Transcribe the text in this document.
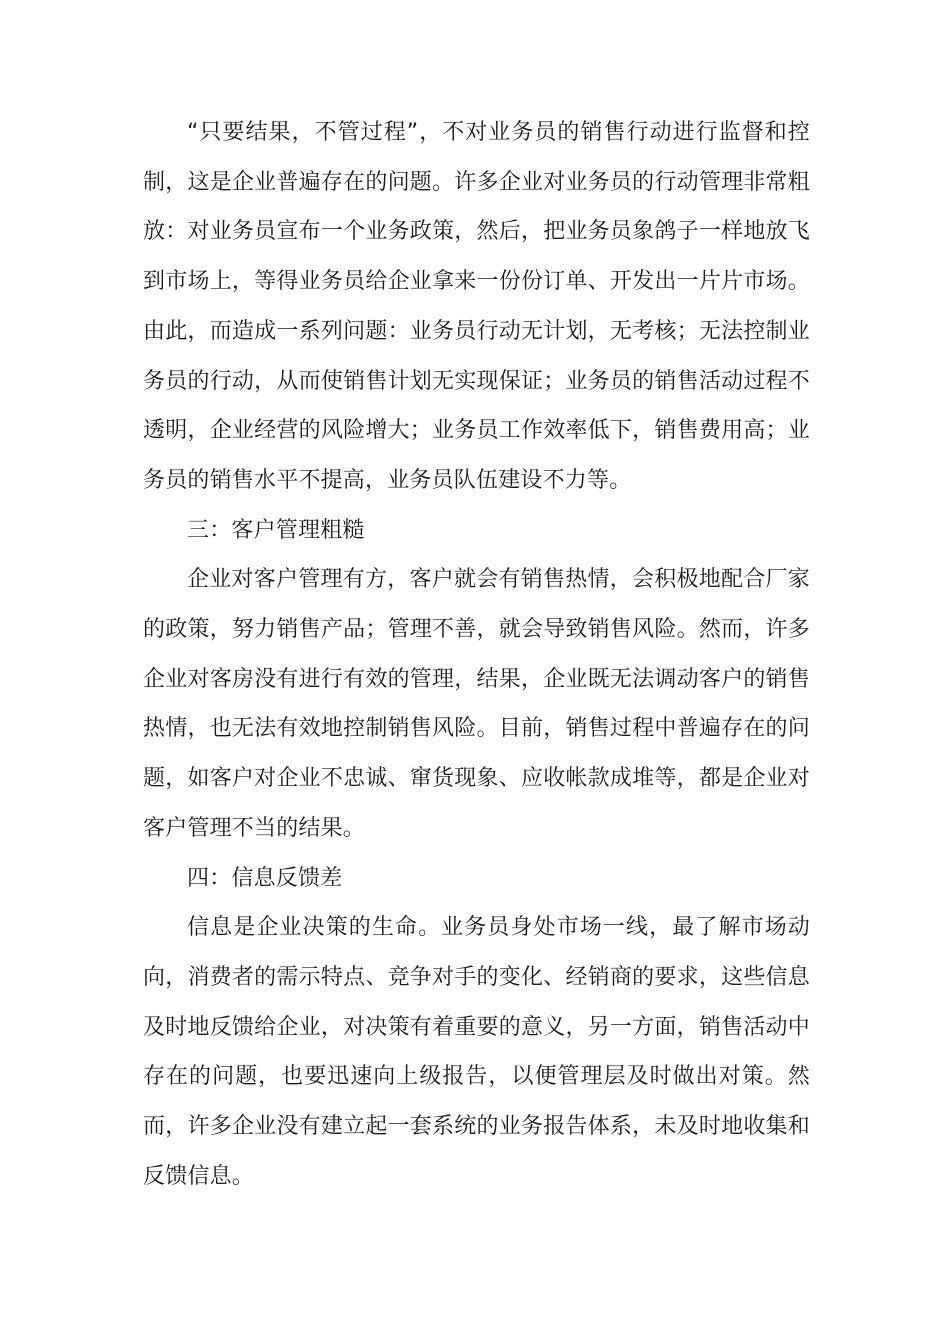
“只要结果，不管过程”，不对业务员的销售行动进行监督和控制，这是企业普遍存在的问题。许多企业对业务员的行动管理非常粗放：对业务员宣布一个业务政策，然后，把业务员象鸽子一样地放飞到市场上，等得业务员给企业拿来一份份订单、开发出一片片市场。由此，而造成一系列问题：业务员行动无计划，无考核；无法控制业务员的行动，从而使销售计划无实现保证；业务员的销售活动过程不透明，企业经营的风险增大；业务员工作效率低下，销售费用高；业务员的销售水平不提高，业务员队伍建设不力等。

三：客户管理粗糙

企业对客户管理有方，客户就会有销售热情，会积极地配合厂家的政策，努力销售产品；管理不善，就会导致销售风险。然而，许多企业对客房没有进行有效的管理，结果，企业既无法调动客户的销售热情，也无法有效地控制销售风险。目前，销售过程中普遍存在的问题，如客户对企业不忠诚、窜货现象、应收帐款成堆等，都是企业对客户管理不当的结果。

四：信息反馈差

信息是企业决策的生命。业务员身处市场一线，最了解市场动向，消费者的需示特点、竞争对手的变化、经销商的要求，这些信息及时地反馈给企业，对决策有着重要的意义，另一方面，销售活动中存在的问题，也要迅速向上级报告，以便管理层及时做出对策。然而，许多企业没有建立起一套系统的业务报告体系，未及时地收集和反馈信息。
